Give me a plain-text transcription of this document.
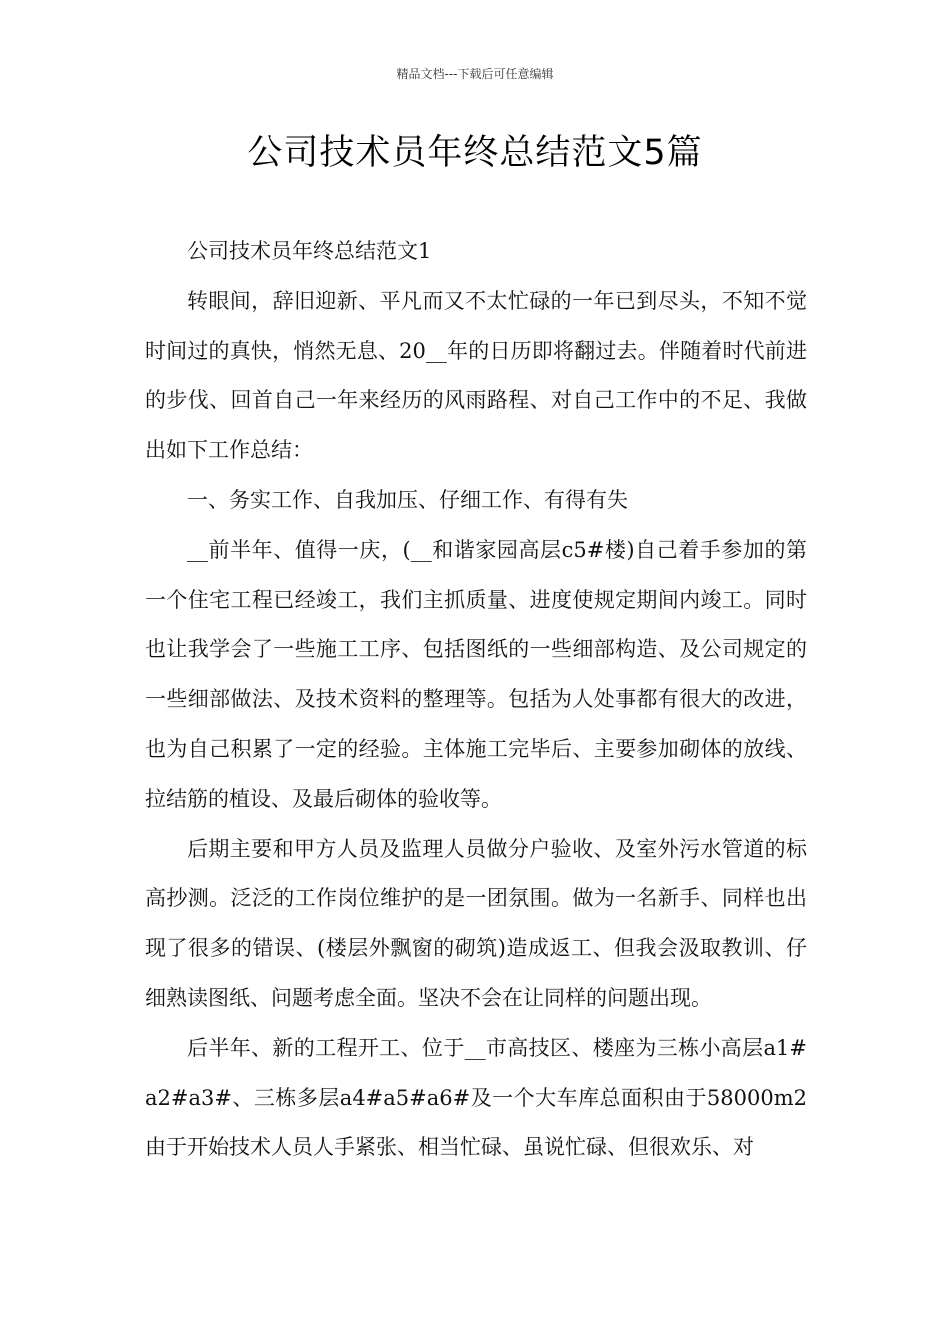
精品文档---下载后可任意编辑
公司技术员年终总结范文5篇

公司技术员年终总结范文1

转眼间，辞旧迎新、平凡而又不太忙碌的一年已到尽头，不知不觉时间过的真快，悄然无息、20__年的日历即将翻过去。伴随着时代前进的步伐、回首自己一年来经历的风雨路程、对自己工作中的不足、我做出如下工作总结：

一、务实工作、自我加压、仔细工作、有得有失

__前半年、值得一庆，(__和谐家园高层c5#楼)自己着手参加的第一个住宅工程已经竣工，我们主抓质量、进度使规定期间内竣工。同时也让我学会了一些施工工序、包括图纸的一些细部构造、及公司规定的一些细部做法、及技术资料的整理等。包括为人处事都有很大的改进，也为自己积累了一定的经验。主体施工完毕后、主要参加砌体的放线、拉结筋的植设、及最后砌体的验收等。

后期主要和甲方人员及监理人员做分户验收、及室外污水管道的标高抄测。泛泛的工作岗位维护的是一团氛围。做为一名新手、同样也出现了很多的错误、(楼层外飘窗的砌筑)造成返工、但我会汲取教训、仔细熟读图纸、问题考虑全面。坚决不会在让同样的问题出现。

后半年、新的工程开工、位于__市高技区、楼座为三栋小高层a1#a2#a3#、三栋多层a4#a5#a6#及一个大车库总面积由于58000m2由于开始技术人员人手紧张、相当忙碌、虽说忙碌、但很欢乐、对
